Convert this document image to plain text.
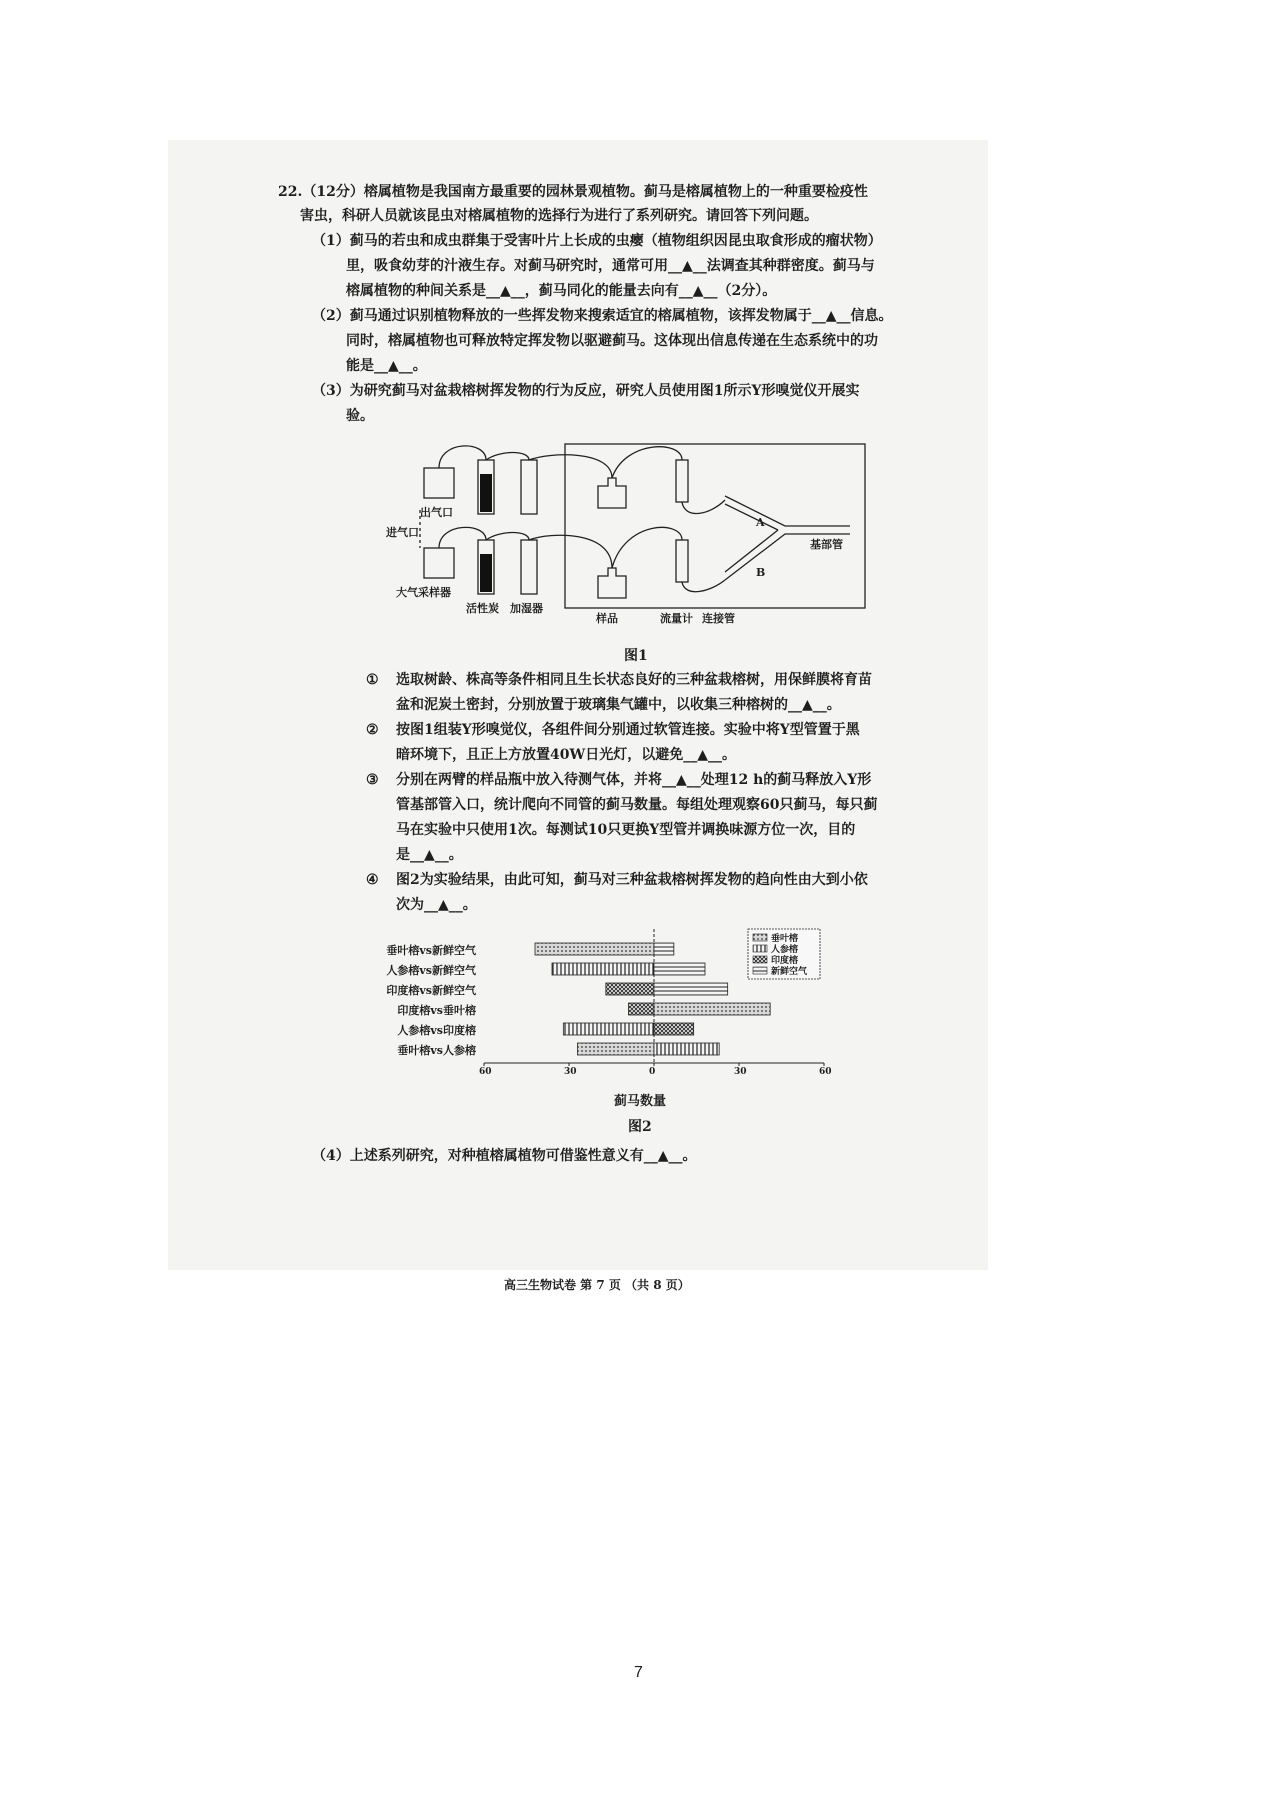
22.（12分）榕属植物是我国南方最重要的园林景观植物。蓟马是榕属植物上的一种重要检疫性
害虫，科研人员就该昆虫对榕属植物的选择行为进行了系列研究。请回答下列问题。
（1）蓟马的若虫和成虫群集于受害叶片上长成的虫瘿（植物组织因昆虫取食形成的瘤状物）
里，吸食幼芽的汁液生存。对蓟马研究时，通常可用__▲__法调查其种群密度。蓟马与
榕属植物的种间关系是__▲__，蓟马同化的能量去向有__▲__（2分）。
（2）蓟马通过识别植物释放的一些挥发物来搜索适宜的榕属植物，该挥发物属于__▲__信息。
同时，榕属植物也可释放特定挥发物以驱避蓟马。这体现出信息传递在生态系统中的功
能是__▲__。
（3）为研究蓟马对盆栽榕树挥发物的行为反应，研究人员使用图1所示Y形嗅觉仪开展实
验。
出气口
进气口
大气采样器
活性炭 加湿器
样品	流量计 连接管
基部管
A
B
图1
① 选取树龄、株高等条件相同且生长状态良好的三种盆栽榕树，用保鲜膜将育苗
盆和泥炭土密封，分别放置于玻璃集气罐中，以收集三种榕树的__▲__。
② 按图1组装Y形嗅觉仪，各组件间分别通过软管连接。实验中将Y型管置于黑
暗环境下，且正上方放置40W日光灯，以避免__▲__。
③ 分别在两臂的样品瓶中放入待测气体，并将__▲__处理12 h的蓟马释放入Y形
管基部管入口，统计爬向不同管的蓟马数量。每组处理观察60只蓟马，每只蓟
马在实验中只使用1次。每测试10只更换Y型管并调换味源方位一次，目的
是__▲__。
④ 图2为实验结果，由此可知，蓟马对三种盆栽榕树挥发物的趋向性由大到小依
次为__▲__。
垂叶榕vs新鲜空气
人参榕vs新鲜空气
印度榕vs新鲜空气
印度榕vs垂叶榕
人参榕vs印度榕
垂叶榕vs人参榕
60	30	0	30	60
蓟马数量
图2
（4）上述系列研究，对种植榕属植物可借鉴性意义有__▲__。
高三生物试卷 第 7 页 （共 8 页）
7
垂叶榕
人参榕
印度榕
新鲜空气
